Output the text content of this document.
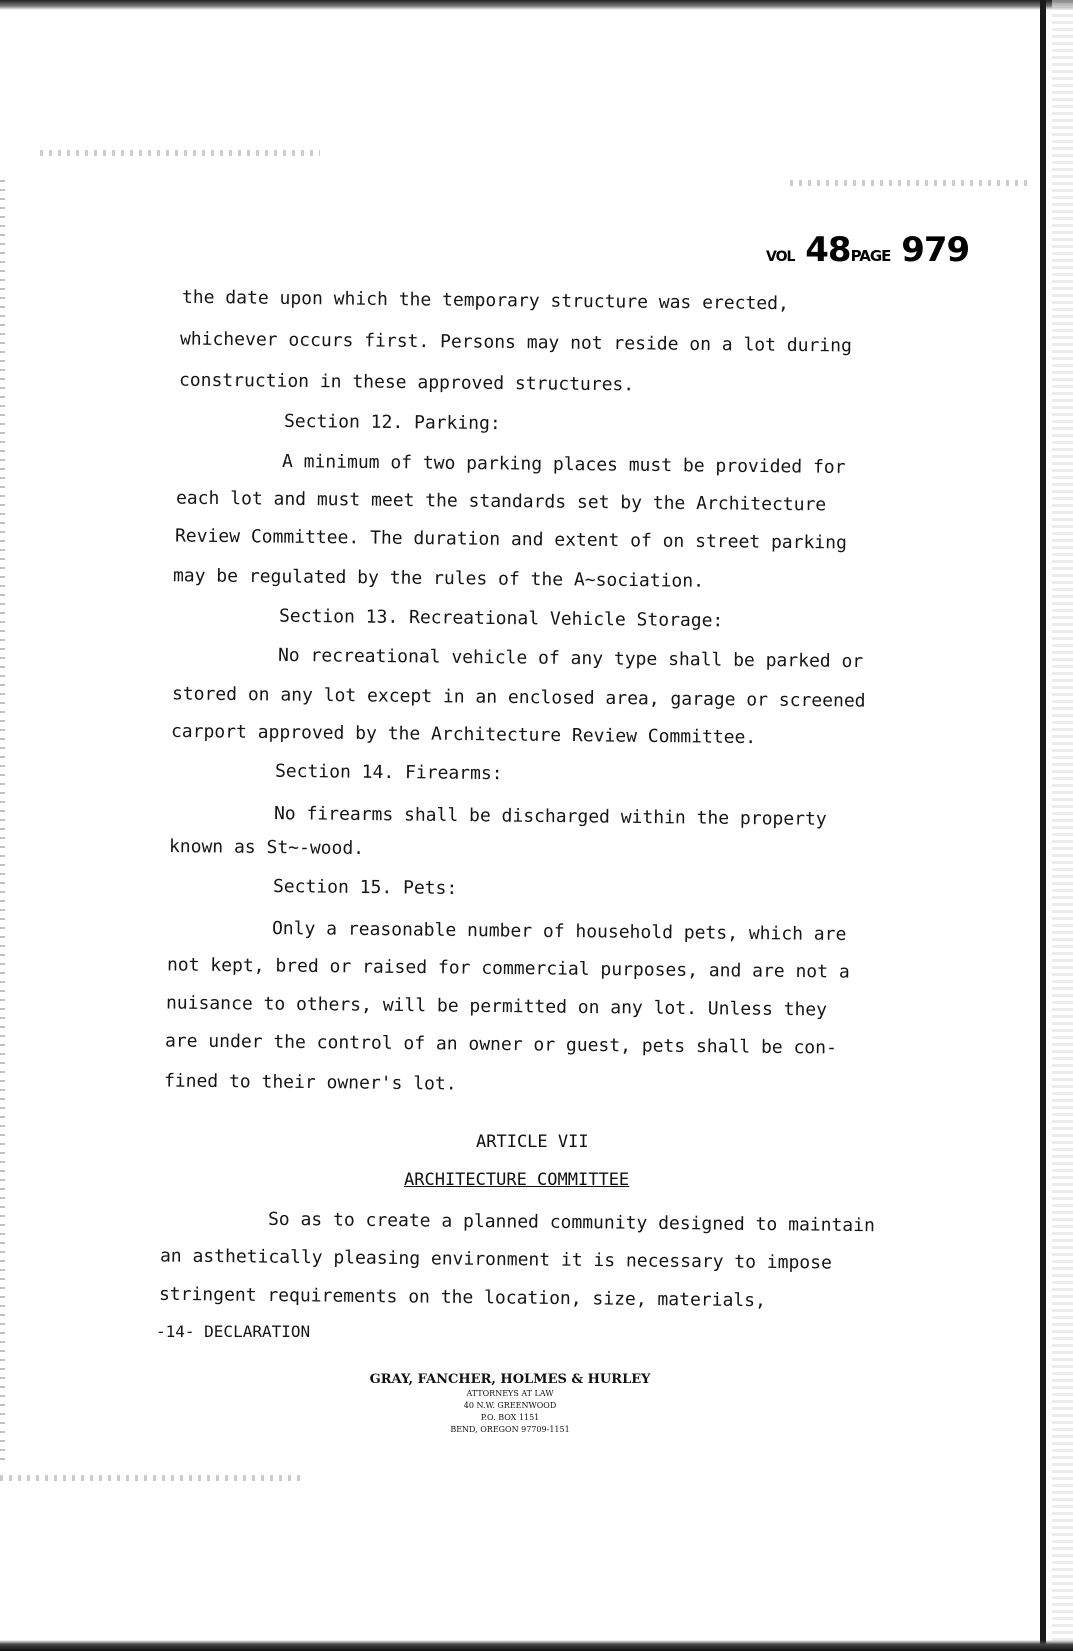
VOL 48PAGE 979
the date upon which the temporary structure was erected,
whichever occurs first. Persons may not reside on a lot during
construction in these approved structures.
Section 12. Parking:
A minimum of two parking places must be provided for
each lot and must meet the standards set by the Architecture
Review Committee. The duration and extent of on street parking
may be regulated by the rules of the A~sociation.
Section 13. Recreational Vehicle Storage:
No recreational vehicle of any type shall be parked or
stored on any lot except in an enclosed area, garage or screened
carport approved by the Architecture Review Committee.
Section 14. Firearms:
No firearms shall be discharged within the property
known as St~-wood.
Section 15. Pets:
Only a reasonable number of household pets, which are
not kept, bred or raised for commercial purposes, and are not a
nuisance to others, will be permitted on any lot. Unless they
are under the control of an owner or guest, pets shall be con-
fined to their owner's lot.
ARTICLE VII
ARCHITECTURE COMMITTEE
So as to create a planned community designed to maintain
an asthetically pleasing environment it is necessary to impose
stringent requirements on the location, size, materials,
-14- DECLARATION
GRAY, FANCHER, HOLMES & HURLEY
ATTORNEYS AT LAW
40 N.W. GREENWOOD
P.O. BOX 1151
BEND, OREGON 97709-1151
